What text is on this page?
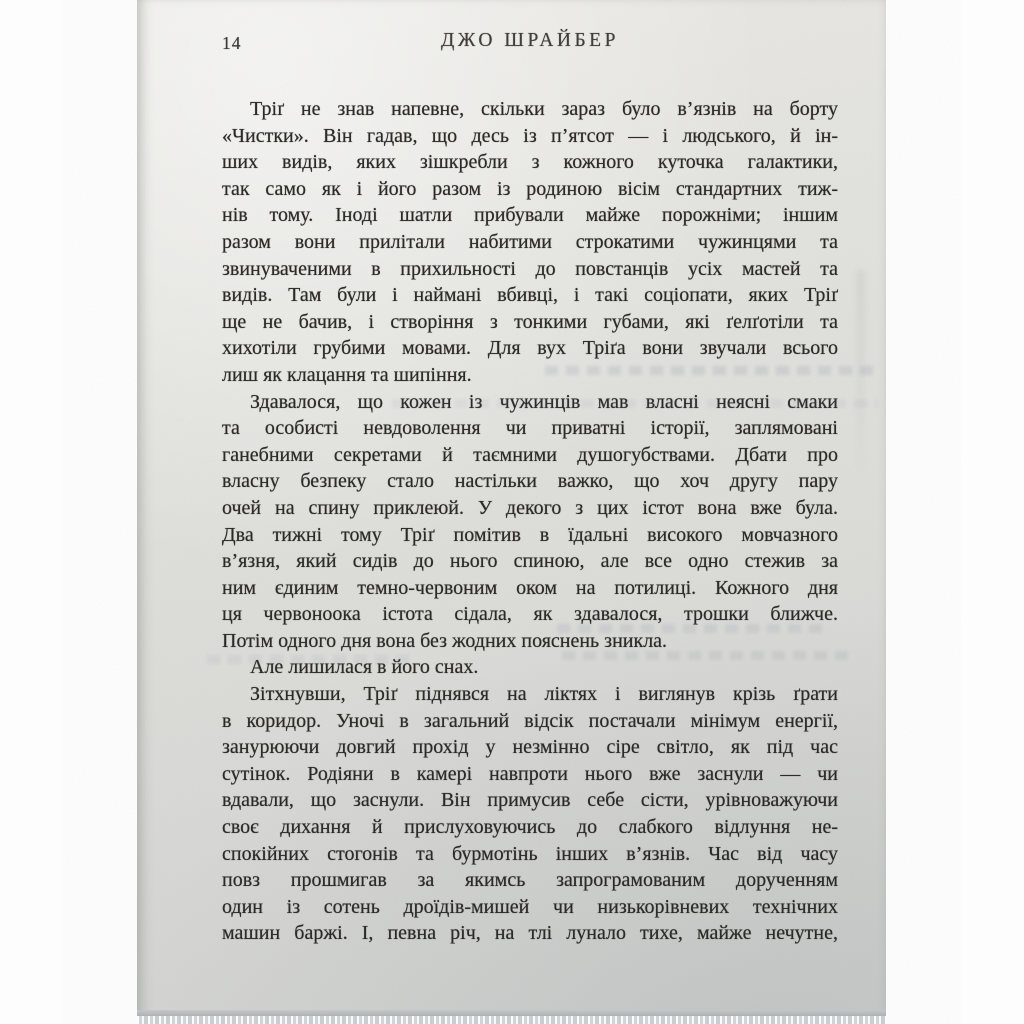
14	ДЖО ШРАЙБЕР
Тріґ не знав напевне, скільки зараз було в’язнів на борту
«Чистки». Він гадав, що десь із п’ятсот — і людського, й ін-
ших видів, яких зішкребли з кожного куточка галактики,
так само як і його разом із родиною вісім стандартних тиж-
нів тому. Іноді шатли прибували майже порожніми; іншим
разом вони прилітали набитими строкатими чужинцями та
звинуваченими в прихильності до повстанців усіх мастей та
видів. Там були і наймані вбивці, і такі соціопати, яких Тріґ
ще не бачив, і створіння з тонкими губами, які ґелґотіли та
хихотіли грубими мовами. Для вух Тріґа вони звучали всього
лиш як клацання та шипіння.
Здавалося, що кожен із чужинців мав власні неясні смаки
та особисті невдоволення чи приватні історії, заплямовані
ганебними секретами й таємними душогубствами. Дбати про
власну безпеку стало настільки важко, що хоч другу пару
очей на спину приклеюй. У декого з цих істот вона вже була.
Два тижні тому Тріґ помітив в їдальні високого мовчазного
в’язня, який сидів до нього спиною, але все одно стежив за
ним єдиним темно-червоним оком на потилиці. Кожного дня
ця червоноока істота сідала, як здавалося, трошки ближче.
Потім одного дня вона без жодних пояснень зникла.
Але лишилася в його снах.
Зітхнувши, Тріґ піднявся на ліктях і виглянув крізь ґрати
в коридор. Уночі в загальний відсік постачали мінімум енергії,
занурюючи довгий прохід у незмінно сіре світло, як під час
сутінок. Родіяни в камері навпроти нього вже заснули — чи
вдавали, що заснули. Він примусив себе сісти, урівноважуючи
своє дихання й прислуховуючись до слабкого відлуння не-
спокійних стогонів та бурмотінь інших в’язнів. Час від часу
повз прошмигав за якимсь запрограмованим дорученням
один із сотень дроїдів-мишей чи низькорівневих технічних
машин баржі. І, певна річ, на тлі лунало тихе, майже нечутне,
